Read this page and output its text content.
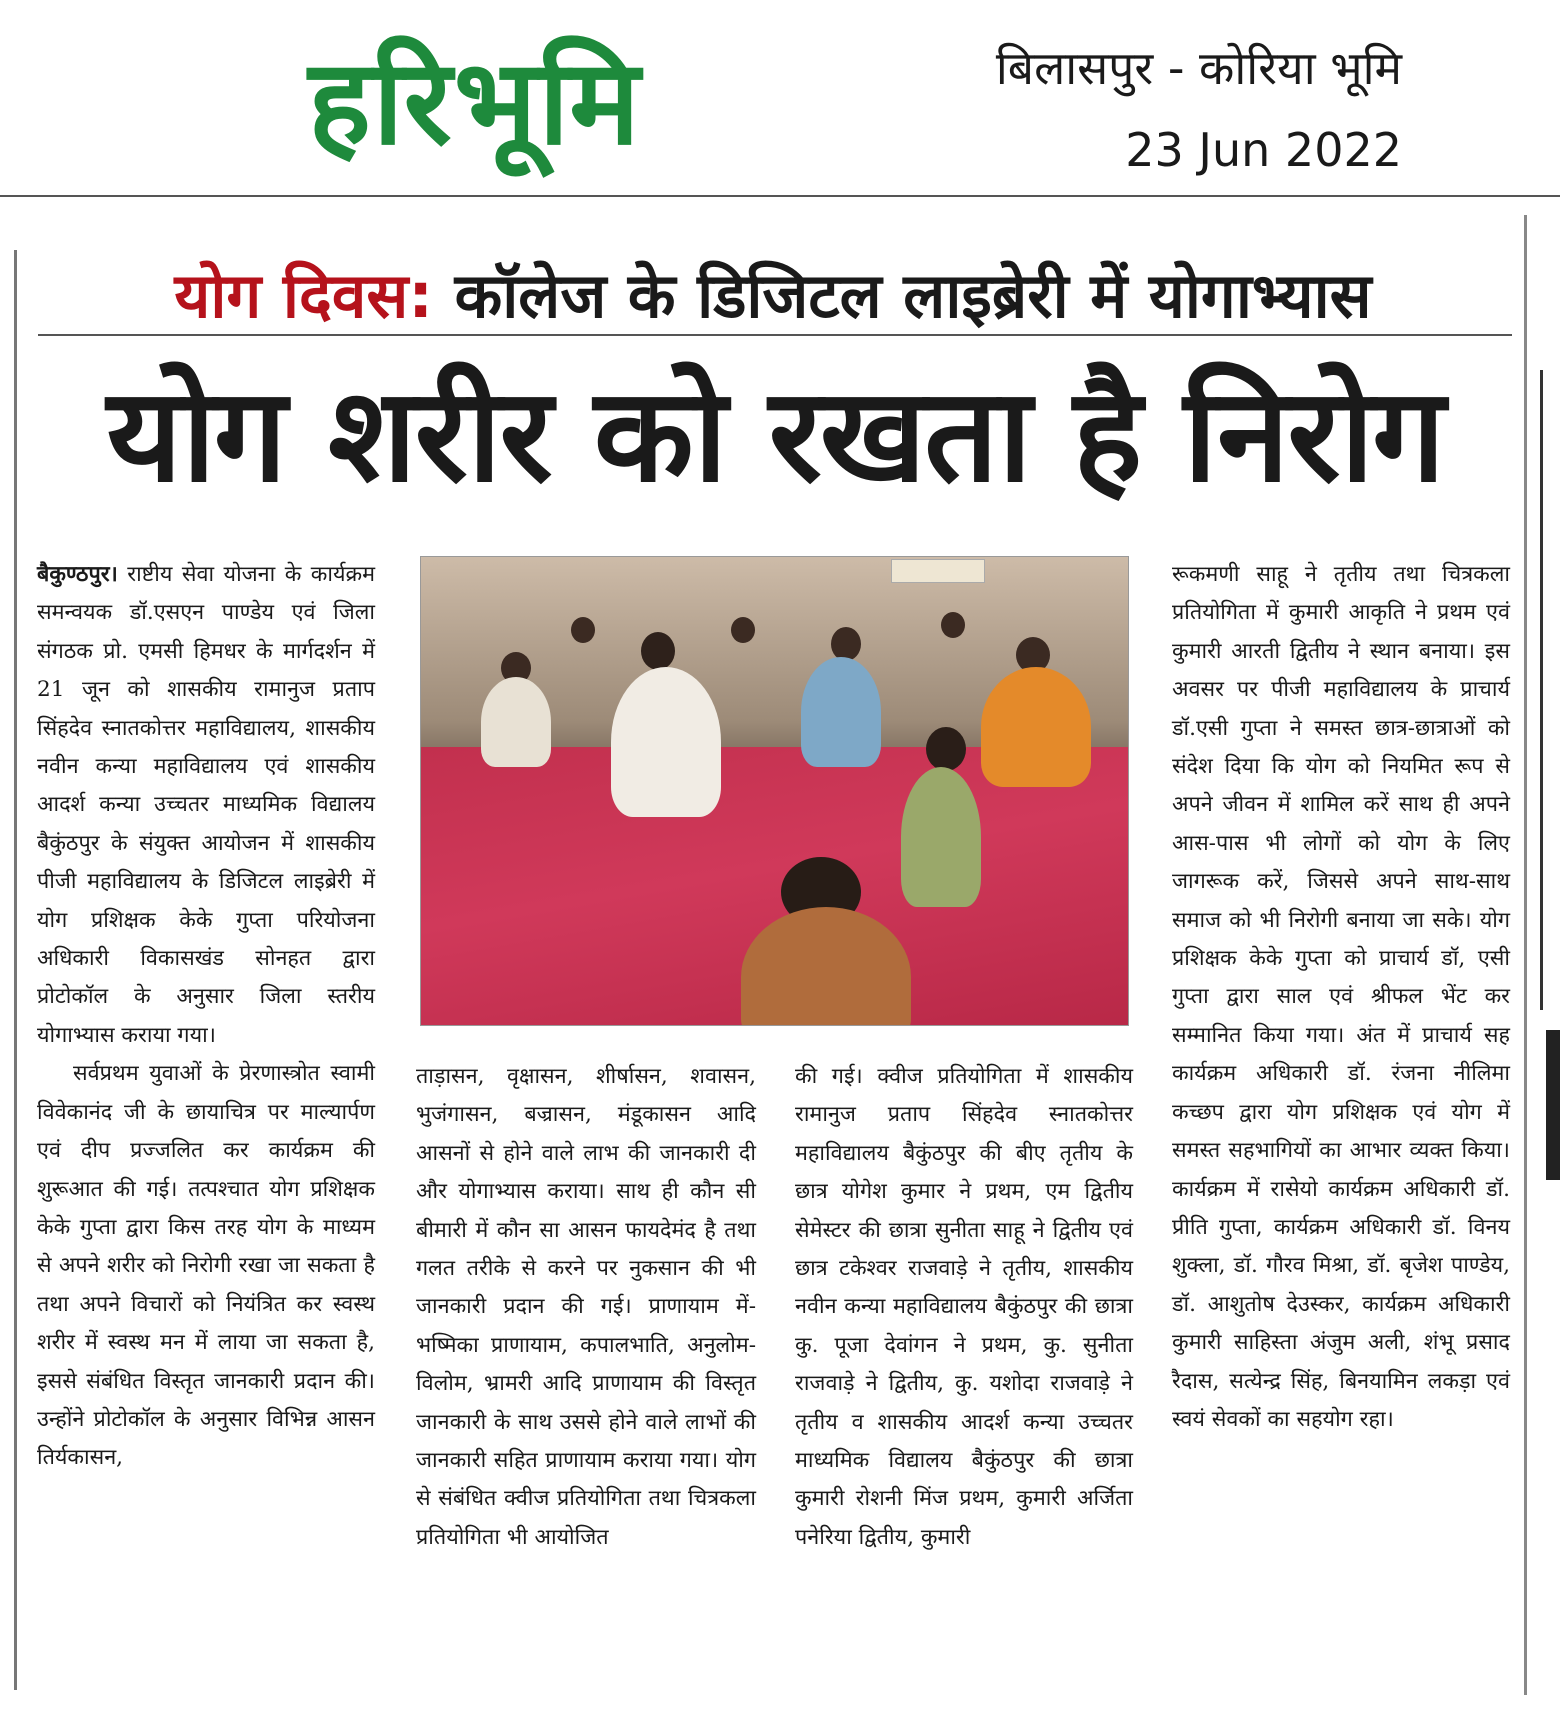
हरिभूमि	बिलासपुर - कोरिया भूमि
23 Jun 2022
योग दिवस: कॉलेज के डिजिटल लाइब्रेरी में योगाभ्यास
योग शरीर को रखता है निरोग

बैकुण्ठपुर। राष्टीय सेवा योजना के कार्यक्रम समन्वयक डॉ.एसएन पाण्डेय एवं जिला संगठक प्रो. एमसी हिमधर के मार्गदर्शन में 21 जून को शासकीय रामानुज प्रताप सिंहदेव स्नातकोत्तर महाविद्यालय, शासकीय नवीन कन्या महाविद्यालय एवं शासकीय आदर्श कन्या उच्चतर माध्यमिक विद्यालय बैकुंठपुर के संयुक्त आयोजन में शासकीय पीजी महाविद्यालय के डिजिटल लाइब्रेरी में योग प्रशिक्षक केके गुप्ता परियोजना अधिकारी विकासखंड सोनहत द्वारा प्रोटोकॉल के अनुसार जिला स्तरीय योगाभ्यास कराया गया।

सर्वप्रथम युवाओं के प्रेरणास्त्रोत स्वामी विवेकानंद जी के छायाचित्र पर माल्यार्पण एवं दीप प्रज्जलित कर कार्यक्रम की शुरूआत की गई। तत्पश्चात योग प्रशिक्षक केके गुप्ता द्वारा किस तरह योग के माध्यम से अपने शरीर को निरोगी रखा जा सकता है तथा अपने विचारों को नियंत्रित कर स्वस्थ शरीर में स्वस्थ मन में लाया जा सकता है, इससे संबंधित विस्तृत जानकारी प्रदान की। उन्होंने प्रोटोकॉल के अनुसार विभिन्न आसन तिर्यकासन,

ताड़ासन, वृक्षासन, शीर्षासन, शवासन, भुजंगासन, बज्रासन, मंडूकासन आदि आसनों से होने वाले लाभ की जानकारी दी और योगाभ्यास कराया। साथ ही कौन सी बीमारी में कौन सा आसन फायदेमंद है तथा गलत तरीके से करने पर नुकसान की भी जानकारी प्रदान की गई। प्राणायाम में- भष्मिका प्राणायाम, कपालभाति, अनुलोम-विलोम, भ्रामरी आदि प्राणायाम की विस्तृत जानकारी के साथ उससे होने वाले लाभों की जानकारी सहित प्राणायाम कराया गया। योग से संबंधित क्वीज प्रतियोगिता तथा चित्रकला प्रतियोगिता भी आयोजित

की गई। क्वीज प्रतियोगिता में शासकीय रामानुज प्रताप सिंहदेव स्नातकोत्तर महाविद्यालय बैकुंठपुर की बीए तृतीय के छात्र योगेश कुमार ने प्रथम, एम द्वितीय सेमेस्टर की छात्रा सुनीता साहू ने द्वितीय एवं छात्र टकेश्वर राजवाड़े ने तृतीय, शासकीय नवीन कन्या महाविद्यालय बैकुंठपुर की छात्रा कु. पूजा देवांगन ने प्रथम, कु. सुनीता राजवाड़े ने द्वितीय, कु. यशोदा राजवाड़े ने तृतीय व शासकीय आदर्श कन्या उच्चतर माध्यमिक विद्यालय बैकुंठपुर की छात्रा कुमारी रोशनी मिंज प्रथम, कुमारी अर्जिता पनेरिया द्वितीय, कुमारी

रूकमणी साहू ने तृतीय तथा चित्रकला प्रतियोगिता में कुमारी आकृति ने प्रथम एवं कुमारी आरती द्वितीय ने स्थान बनाया। इस अवसर पर पीजी महाविद्यालय के प्राचार्य डॉ.एसी गुप्ता ने समस्त छात्र-छात्राओं को संदेश दिया कि योग को नियमित रूप से अपने जीवन में शामिल करें साथ ही अपने आस-पास भी लोगों को योग के लिए जागरूक करें, जिससे अपने साथ-साथ समाज को भी निरोगी बनाया जा सके। योग प्रशिक्षक केके गुप्ता को प्राचार्य डॉ, एसी गुप्ता द्वारा साल एवं श्रीफल भेंट कर सम्मानित किया गया। अंत में प्राचार्य सह कार्यक्रम अधिकारी डॉ. रंजना नीलिमा कच्छप द्वारा योग प्रशिक्षक एवं योग में समस्त सहभागियों का आभार व्यक्त किया। कार्यक्रम में रासेयो कार्यक्रम अधिकारी डॉ. प्रीति गुप्ता, कार्यक्रम अधिकारी डॉ. विनय शुक्ला, डॉ. गौरव मिश्रा, डॉ. बृजेश पाण्डेय, डॉ. आशुतोष देउस्कर, कार्यक्रम अधिकारी कुमारी साहिस्ता अंजुम अली, शंभू प्रसाद रैदास, सत्येन्द्र सिंह, बिनयामिन लकड़ा एवं स्वयं सेवकों का सहयोग रहा।
